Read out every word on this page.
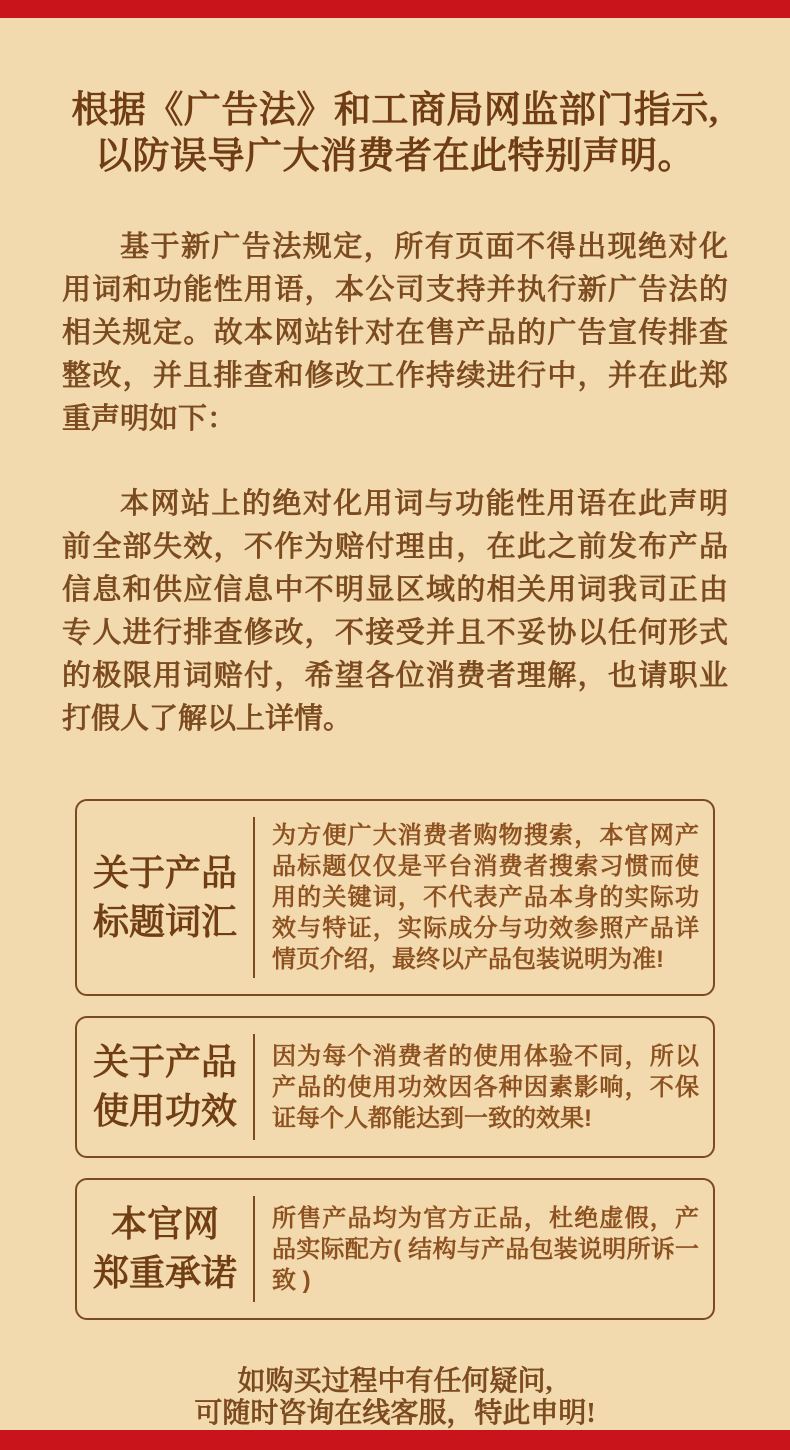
根据《广告法》和工商局网监部门指示,
以防误导广大消费者在此特别声明。
基于新广告法规定，所有页面不得出现绝对化用词和功能性用语，本公司支持并执行新广告法的相关规定。故本网站针对在售产品的广告宣传排查整改，并且排查和修改工作持续进行中，并在此郑重声明如下：
本网站上的绝对化用词与功能性用语在此声明前全部失效，不作为赔付理由，在此之前发布产品信息和供应信息中不明显区域的相关用词我司正由专人进行排查修改，不接受并且不妥协以任何形式的极限用词赔付，希望各位消费者理解，也请职业打假人了解以上详情。
关于产品
标题词汇
为方便广大消费者购物搜索，本官网产品标题仅仅是平台消费者搜索习惯而使用的关键词，不代表产品本身的实际功效与特证，实际成分与功效参照产品详情页介绍，最终以产品包装说明为准!
关于产品
使用功效
因为每个消费者的使用体验不同，所以产品的使用功效因各种因素影响，不保证每个人都能达到一致的效果!
本官网
郑重承诺
所售产品均为官方正品，杜绝虚假，产品实际配方( 结构与产品包装说明所诉一致 )
如购买过程中有任何疑问,
可随时咨询在线客服，特此申明!
